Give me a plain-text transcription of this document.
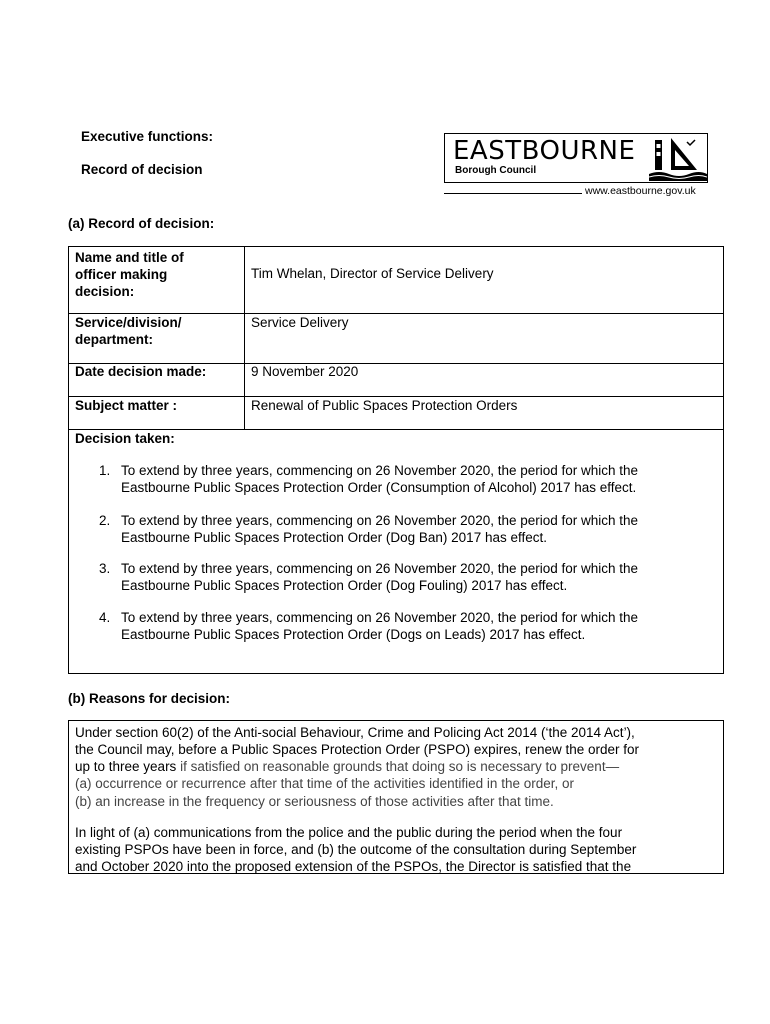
Executive functions:
Record of decision
EASTBOURNE
Borough Council
www.eastbourne.gov.uk
(a) Record of decision:
Name and title of
officer making
decision:
Tim Whelan, Director of Service Delivery
Service/division/
department:
Service Delivery
Date decision made:	9 November 2020
Subject matter :	Renewal of Public Spaces Protection Orders
Decision taken:
1. To extend by three years, commencing on 26 November 2020, the period for which the
Eastbourne Public Spaces Protection Order (Consumption of Alcohol) 2017 has effect.
2. To extend by three years, commencing on 26 November 2020, the period for which the
Eastbourne Public Spaces Protection Order (Dog Ban) 2017 has effect.
3. To extend by three years, commencing on 26 November 2020, the period for which the
Eastbourne Public Spaces Protection Order (Dog Fouling) 2017 has effect.
4. To extend by three years, commencing on 26 November 2020, the period for which the
Eastbourne Public Spaces Protection Order (Dogs on Leads) 2017 has effect.
(b) Reasons for decision:
Under section 60(2) of the Anti-social Behaviour, Crime and Policing Act 2014 (‘the 2014 Act’),
the Council may, before a Public Spaces Protection Order (PSPO) expires, renew the order for
up to three years if satisfied on reasonable grounds that doing so is necessary to prevent—
(a) occurrence or recurrence after that time of the activities identified in the order, or
(b) an increase in the frequency or seriousness of those activities after that time.
In light of (a) communications from the police and the public during the period when the four
existing PSPOs have been in force, and (b) the outcome of the consultation during September
and October 2020 into the proposed extension of the PSPOs, the Director is satisfied that the
